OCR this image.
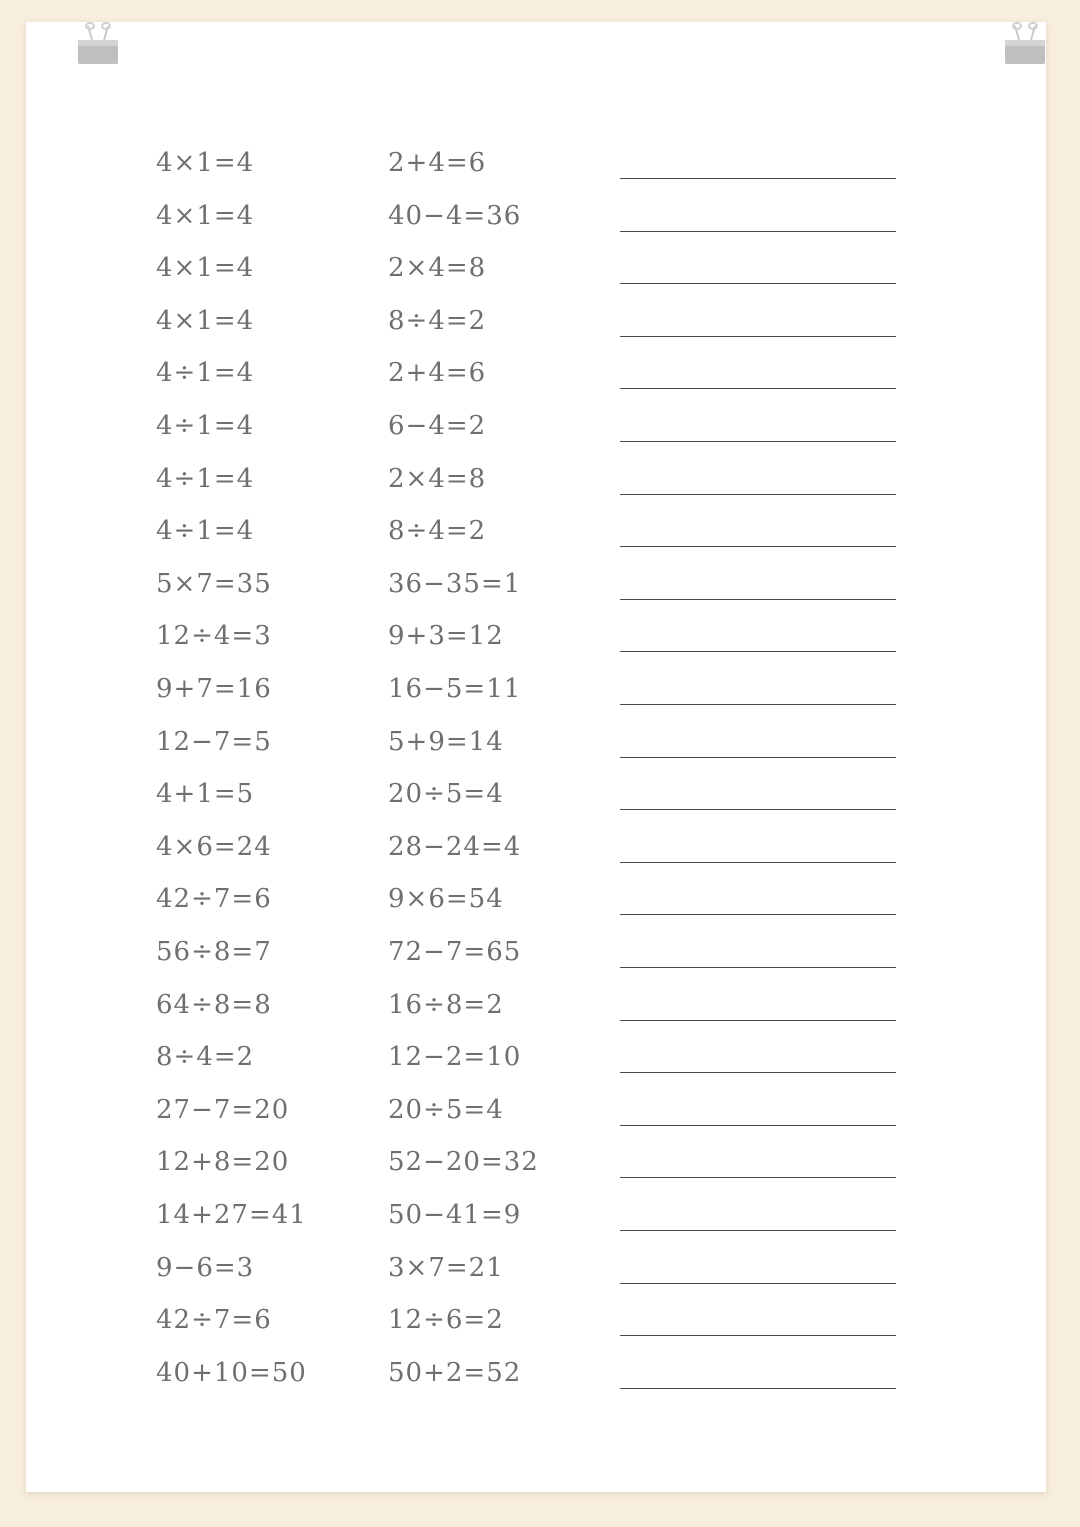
4×1=4	2+4=6
4×1=4	40−4=36
4×1=4	2×4=8
4×1=4	8÷4=2
4÷1=4	2+4=6
4÷1=4	6−4=2
4÷1=4	2×4=8
4÷1=4	8÷4=2
5×7=35	36−35=1
12÷4=3	9+3=12
9+7=16	16−5=11
12−7=5	5+9=14
4+1=5	20÷5=4
4×6=24	28−24=4
42÷7=6	9×6=54
56÷8=7	72−7=65
64÷8=8	16÷8=2
8÷4=2	12−2=10
27−7=20	20÷5=4
12+8=20	52−20=32
14+27=41	50−41=9
9−6=3	3×7=21
42÷7=6	12÷6=2
40+10=50	50+2=52
